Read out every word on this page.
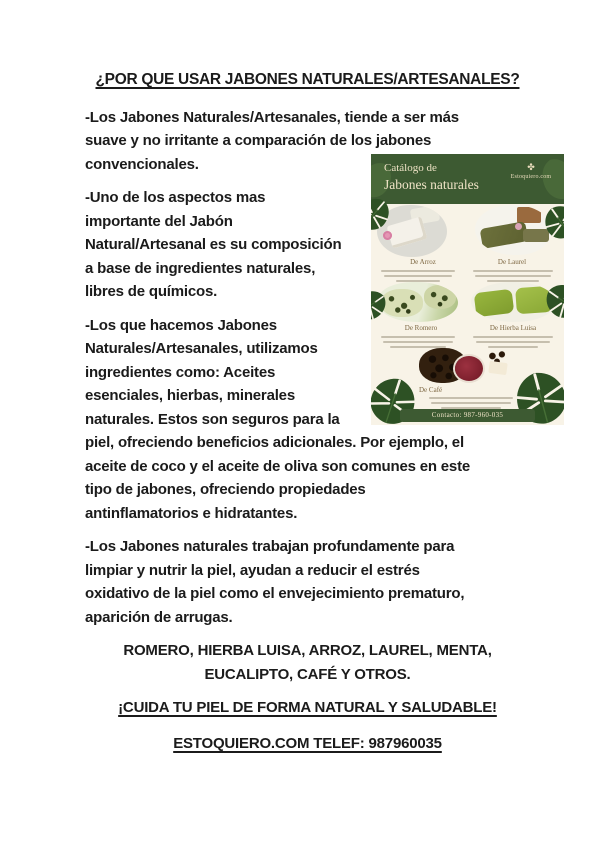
¿POR QUE USAR JABONES NATURALES/ARTESANALES?
-Los Jabones Naturales/Artesanales, tiende a ser más
suave y no irritante a comparación de los jabones
convencionales.
-Uno de los aspectos mas
importante del Jabón
Natural/Artesanal es su composición
a base de ingredientes naturales,
libres de químicos.
-Los que hacemos Jabones
Naturales/Artesanales, utilizamos
ingredientes como: Aceites
esenciales, hierbas, minerales
naturales. Estos son seguros para la
piel, ofreciendo beneficios adicionales. Por ejemplo, el
aceite de coco y el aceite de oliva son comunes en este
tipo de jabones, ofreciendo propiedades
antinflamatorios e hidratantes.
-Los Jabones naturales trabajan profundamente para
limpiar y nutrir la piel, ayudan a reducir el estrés
oxidativo de la piel como el envejecimiento prematuro,
aparición de arrugas.
ROMERO, HIERBA LUISA, ARROZ, LAUREL, MENTA,
EUCALIPTO, CAFÉ Y OTROS.
¡CUIDA TU PIEL DE FORMA NATURAL Y SALUDABLE!
ESTOQUIERO.COM TELEF: 987960035
Catálogo de
Jabones naturales
✤
Estoquiero.com
De Arroz	De Laurel
De Romero	De Hierba Luisa
De Café
Contacto: 987-960-035
